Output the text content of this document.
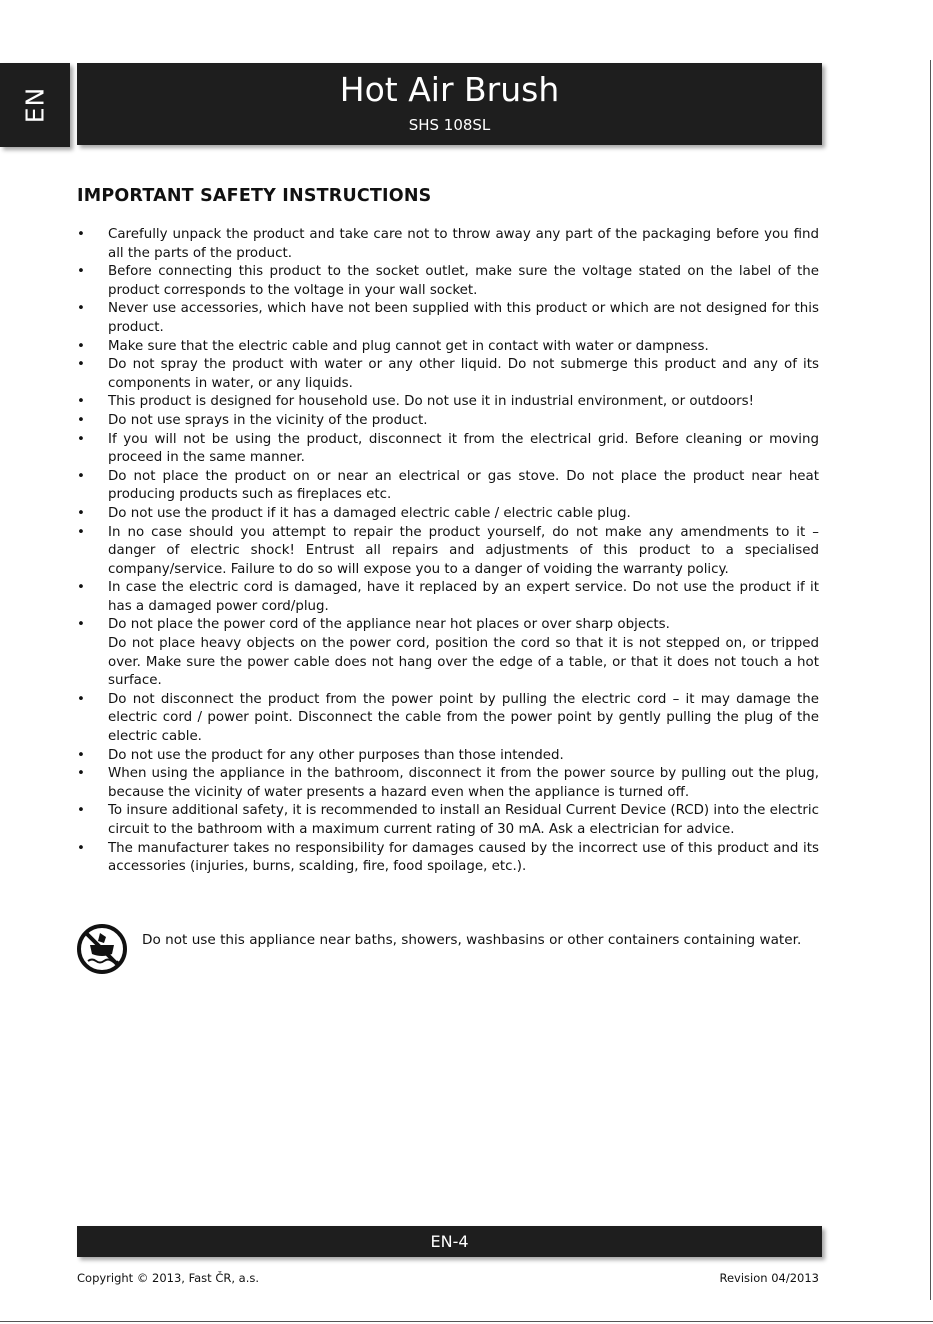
EN	Hot Air Brush
SHS 108SL
IMPORTANT SAFETY INSTRUCTIONS
• Carefully unpack the product and take care not to throw away any part of the packaging before you find all the parts of the product.
• Before connecting this product to the socket outlet, make sure the voltage stated on the label of the product corresponds to the voltage in your wall socket.
• Never use accessories, which have not been supplied with this product or which are not designed for this product.
• Make sure that the electric cable and plug cannot get in contact with water or dampness.
• Do not spray the product with water or any other liquid. Do not submerge this product and any of its components in water, or any liquids.
• This product is designed for household use. Do not use it in industrial environment, or outdoors!
• Do not use sprays in the vicinity of the product.
• If you will not be using the product, disconnect it from the electrical grid. Before cleaning or moving proceed in the same manner.
• Do not place the product on or near an electrical or gas stove. Do not place the product near heat producing products such as fireplaces etc.
• Do not use the product if it has a damaged electric cable / electric cable plug.
• In no case should you attempt to repair the product yourself, do not make any amendments to it – danger of electric shock! Entrust all repairs and adjustments of this product to a specialised company/service. Failure to do so will expose you to a danger of voiding the warranty policy.
• In case the electric cord is damaged, have it replaced by an expert service. Do not use the product if it has a damaged power cord/plug.
• Do not place the power cord of the appliance near hot places or over sharp objects.
Do not place heavy objects on the power cord, position the cord so that it is not stepped on, or tripped over. Make sure the power cable does not hang over the edge of a table, or that it does not touch a hot surface.
• Do not disconnect the product from the power point by pulling the electric cord – it may damage the electric cord / power point. Disconnect the cable from the power point by gently pulling the plug of the electric cable.
• Do not use the product for any other purposes than those intended.
• When using the appliance in the bathroom, disconnect it from the power source by pulling out the plug, because the vicinity of water presents a hazard even when the appliance is turned off.
• To insure additional safety, it is recommended to install an Residual Current Device (RCD) into the electric circuit to the bathroom with a maximum current rating of 30 mA. Ask a electrician for advice.
• The manufacturer takes no responsibility for damages caused by the incorrect use of this product and its accessories (injuries, burns, scalding, fire, food spoilage, etc.).
Do not use this appliance near baths, showers, washbasins or other containers containing water.
EN-4
Copyright © 2013, Fast ČR, a.s.	Revision 04/2013
